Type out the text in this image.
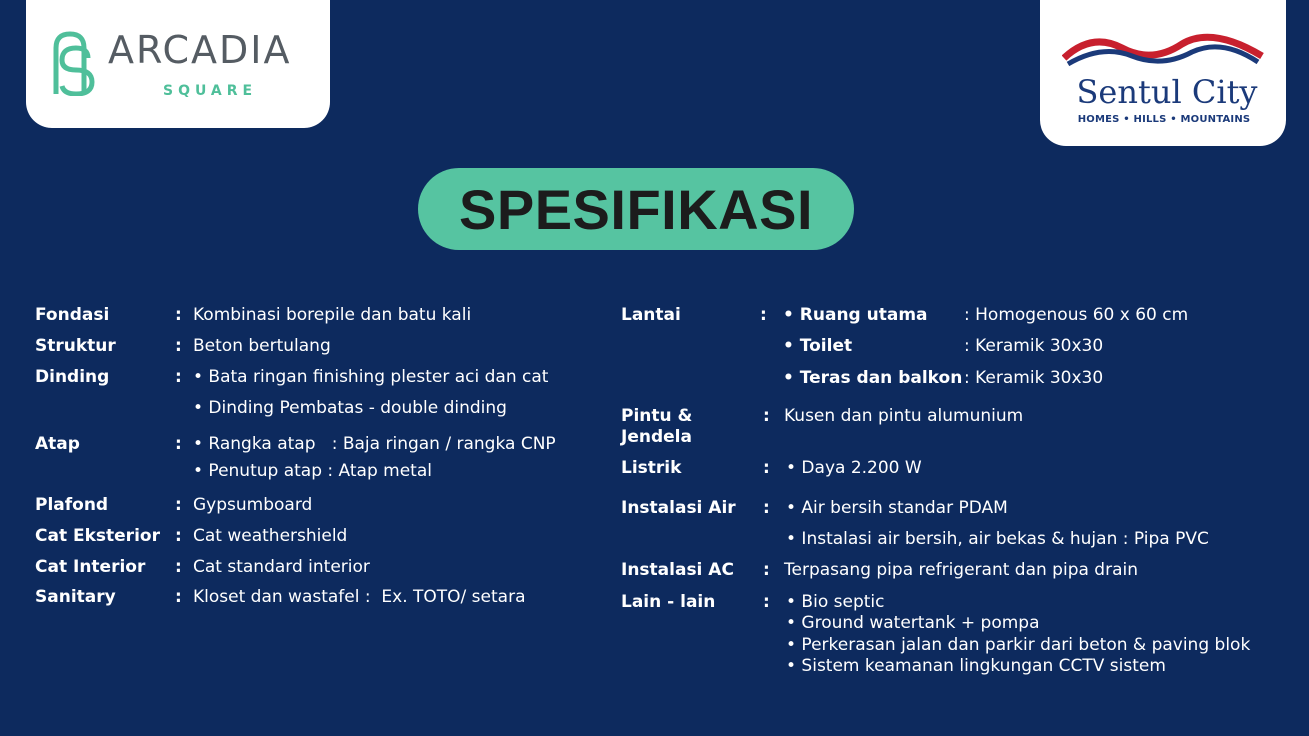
ARCADIA
SQUARE	Sentul City
HOMES • HILLS • MOUNTAINS
SPESIFIKASI
Fondasi	: Kombinasi borepile dan batu kali
Struktur	: Beton bertulang
Dinding	: • Bata ringan finishing plester aci dan cat
• Dinding Pembatas - double dinding
Atap	: • Rangka atap   : Baja ringan / rangka CNP
• Penutup atap : Atap metal
Plafond	: Gypsumboard
Cat Eksterior : Cat weathershield
Cat Interior : Cat standard interior
Sanitary	: Kloset dan wastafel :  Ex. TOTO/ setara
Lantai	: • Ruang utama : Homogenous 60 x 60 cm
• Toilet	: Keramik 30x30
• Teras dan balkon : Keramik 30x30
Pintu &
Jendela
: Kusen dan pintu alumunium
Listrik	: • Daya 2.200 W
Instalasi Air : • Air bersih standar PDAM
• Instalasi air bersih, air bekas & hujan : Pipa PVC
Instalasi AC : Terpasang pipa refrigerant dan pipa drain
Lain - lain	: • Bio septic
• Ground watertank + pompa
• Perkerasan jalan dan parkir dari beton & paving blok
• Sistem keamanan lingkungan CCTV sistem
